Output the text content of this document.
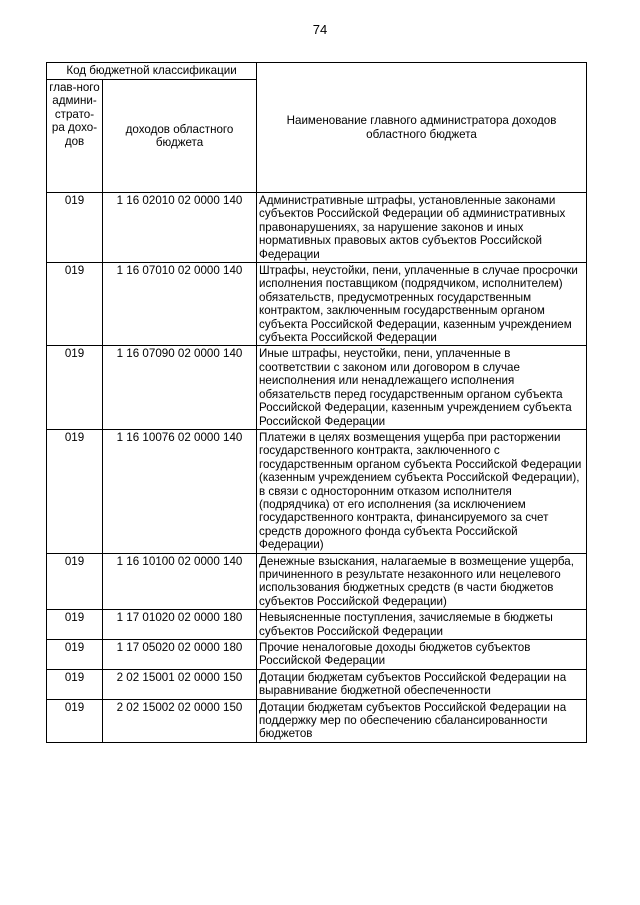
74
Код бюджетной классификации		Наименование главного администратора доходов областного бюджета
глав-ного админи-страто-ра дохо-дов	доходов областного бюджета	
019	1 16 02010 02 0000 140	Административные штрафы, установленные законами субъектов Российской Федерации об административных правонарушениях, за нарушение законов и иных нормативных правовых актов субъектов Российской Федерации
019	1 16 07010 02 0000 140	Штрафы, неустойки, пени, уплаченные в случае просрочки исполнения поставщиком (подрядчиком, исполнителем) обязательств, предусмотренных государственным контрактом, заключенным государственным органом субъекта Российской Федерации, казенным учреждением субъекта Российской Федерации
019	1 16 07090 02 0000 140	Иные штрафы, неустойки, пени, уплаченные в соответствии с законом или договором в случае неисполнения или ненадлежащего исполнения обязательств перед государственным органом субъекта Российской Федерации, казенным учреждением субъекта Российской Федерации
019	1 16 10076 02 0000 140	Платежи в целях возмещения ущерба при расторжении государственного контракта, заключенного с государственным органом субъекта Российской Федерации (казенным учреждением субъекта Российской Федерации), в связи с односторонним отказом исполнителя (подрядчика) от его исполнения (за исключением государственного контракта, финансируемого за счет средств дорожного фонда субъекта Российской Федерации)
019	1 16 10100 02 0000 140	Денежные взыскания, налагаемые в возмещение ущерба, причиненного в результате незаконного или нецелевого использования бюджетных средств (в части бюджетов субъектов Российской Федерации)
019	1 17 01020 02 0000 180	Невыясненные поступления, зачисляемые в бюджеты субъектов Российской Федерации
019	1 17 05020 02 0000 180	Прочие неналоговые доходы бюджетов субъектов Российской Федерации
019	2 02 15001 02 0000 150	Дотации бюджетам субъектов Российской Федерации на выравнивание бюджетной обеспеченности
019	2 02 15002 02 0000 150	Дотации бюджетам субъектов Российской Федерации на поддержку мер по обеспечению сбалансированности бюджетов
